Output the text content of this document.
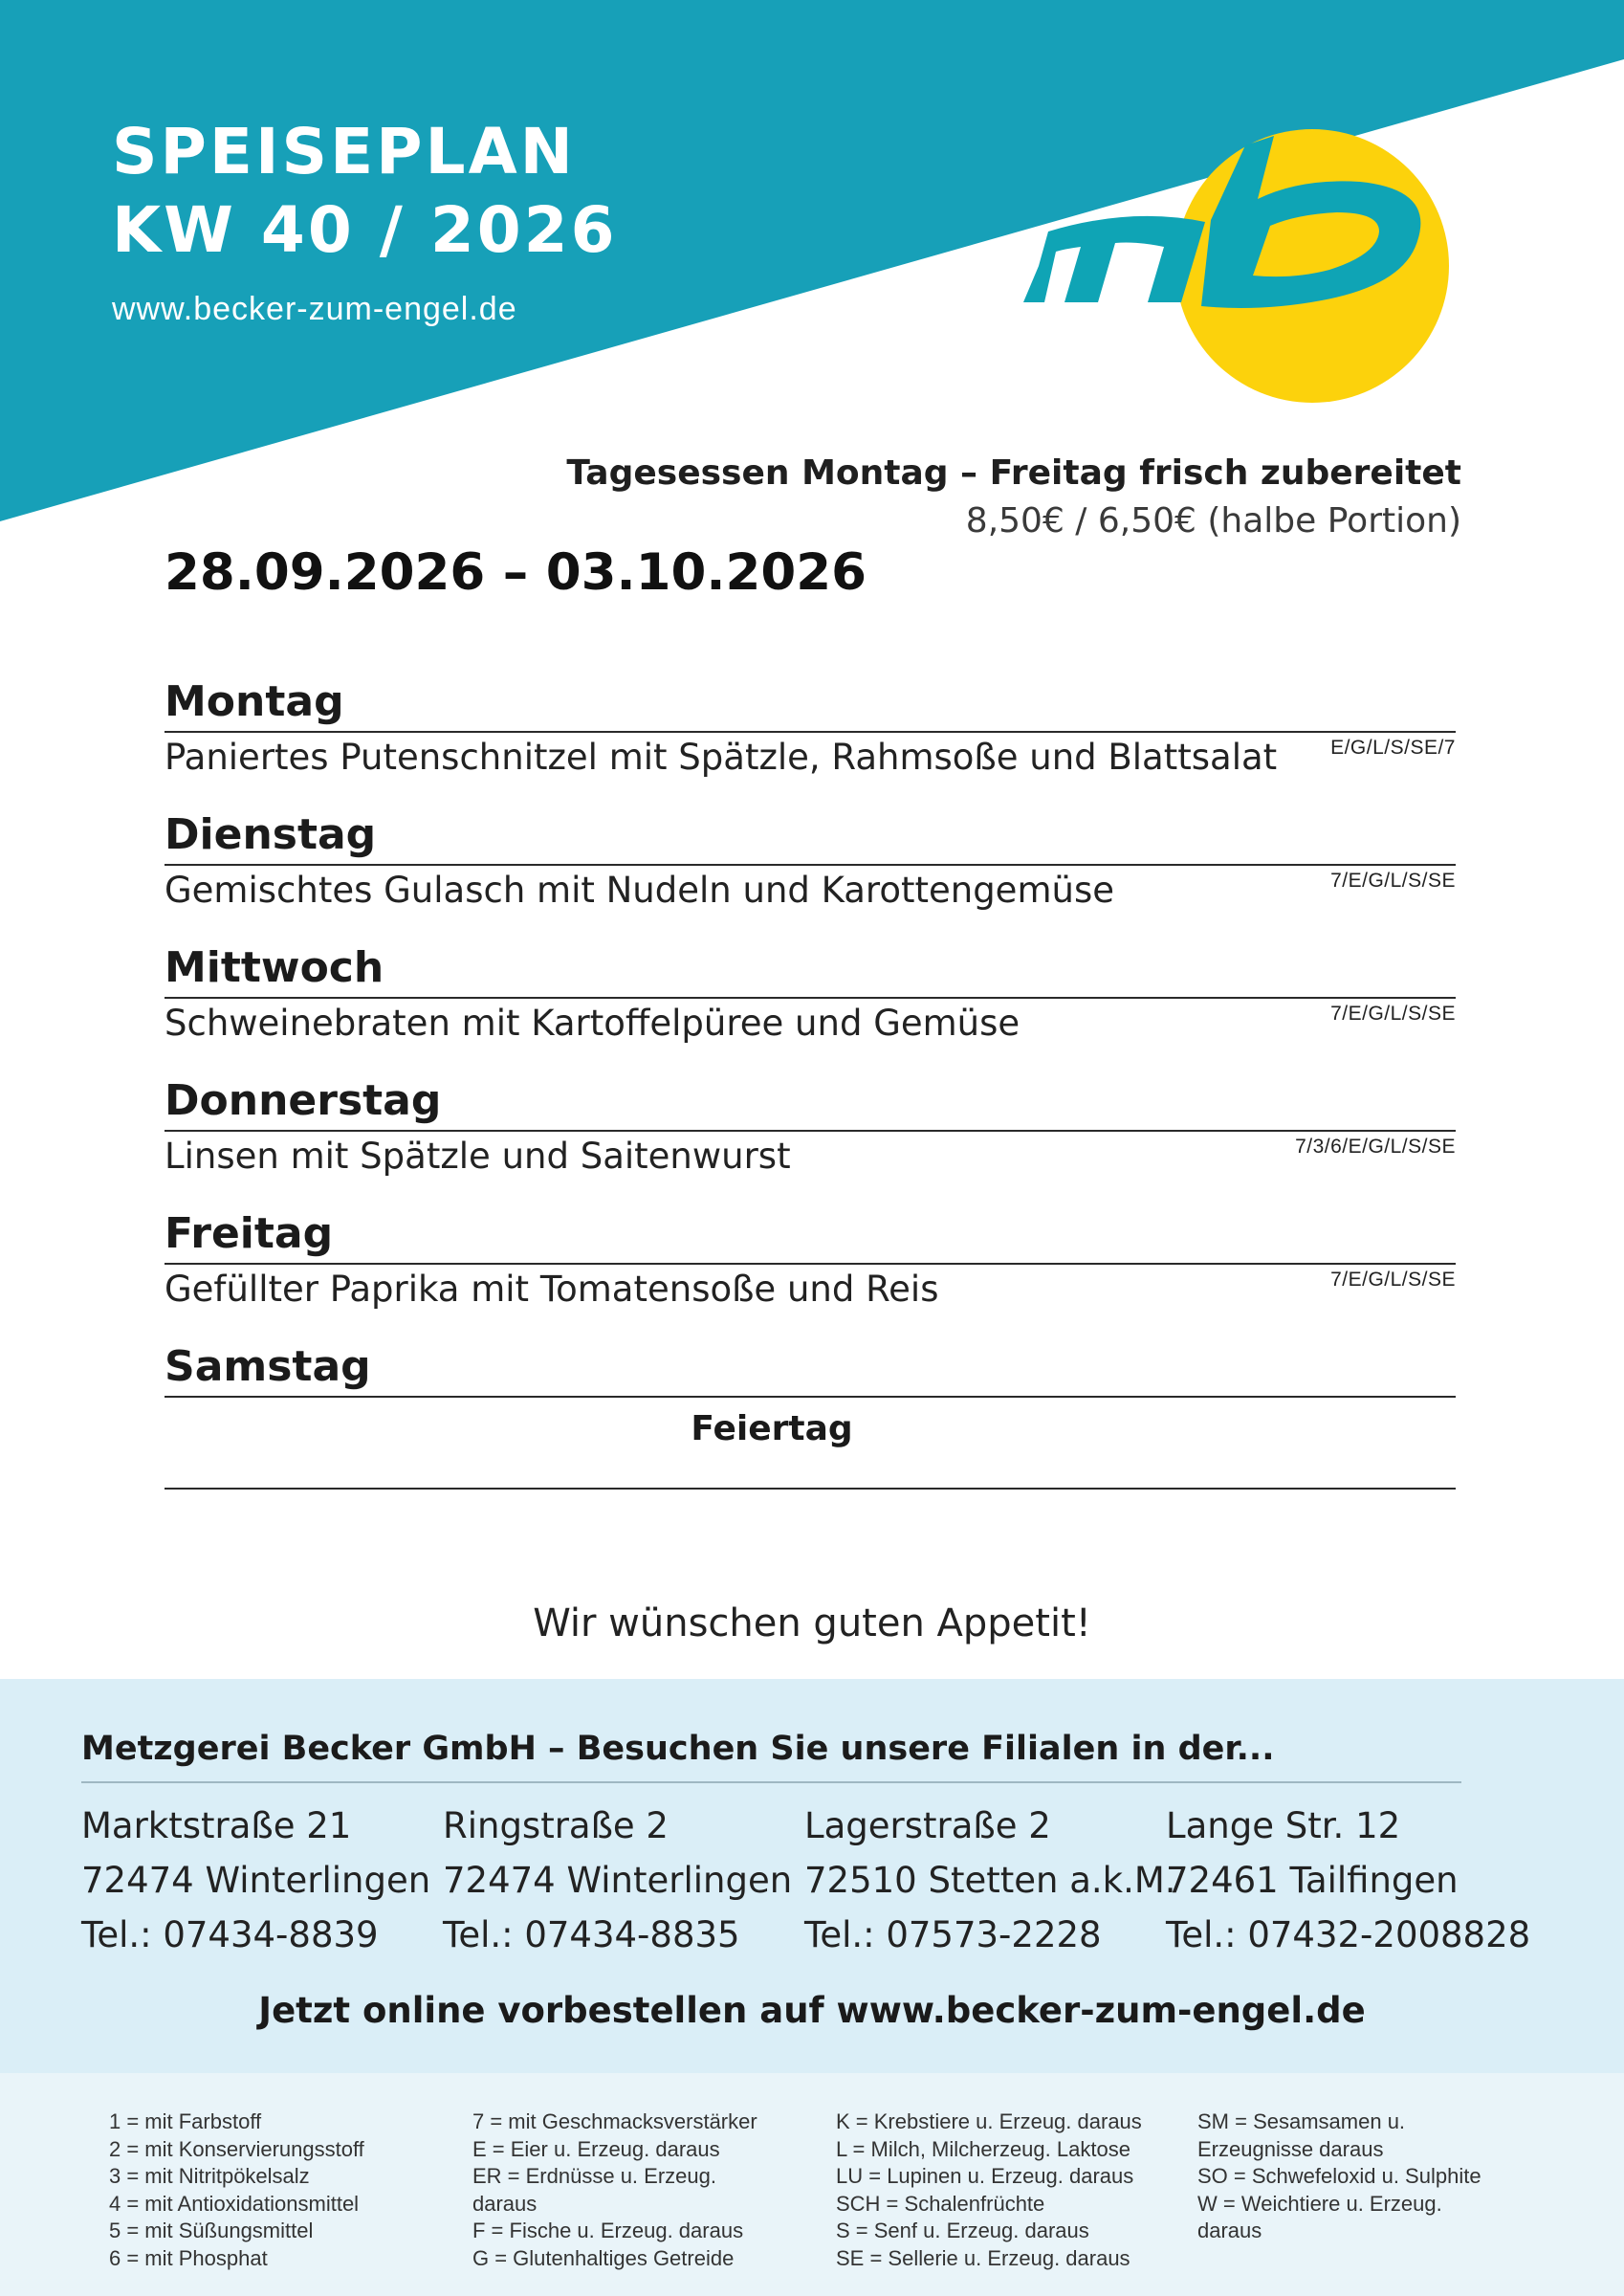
SPEISEPLAN
KW 40 / 2026
www.becker-zum-engel.de
Tagesessen Montag – Freitag frisch zubereitet
8,50€ / 6,50€ (halbe Portion)
28.09.2026 – 03.10.2026
Montag
Paniertes Putenschnitzel mit Spätzle, Rahmsoße und Blattsalat	E/G/L/S/SE/7
Dienstag
Gemischtes Gulasch mit Nudeln und Karottengemüse	7/E/G/L/S/SE
Mittwoch
Schweinebraten mit Kartoffelpüree und Gemüse	7/E/G/L/S/SE
Donnerstag
Linsen mit Spätzle und Saitenwurst	7/3/6/E/G/L/S/SE
Freitag
Gefüllter Paprika mit Tomatensoße und Reis	7/E/G/L/S/SE
Samstag
Feiertag
Wir wünschen guten Appetit!
Metzgerei Becker GmbH – Besuchen Sie unsere Filialen in der...
Marktstraße 21
72474 Winterlingen
Tel.: 07434-8839
Ringstraße 2
72474 Winterlingen
Tel.: 07434-8835
Lagerstraße 2
72510 Stetten a.k.M.
Tel.: 07573-2228
Lange Str. 12
72461 Tailfingen
Tel.: 07432-2008828
Jetzt online vorbestellen auf www.becker-zum-engel.de
1 = mit Farbstoff
2 = mit Konservierungsstoff
3 = mit Nitritpökelsalz
4 = mit Antioxidationsmittel
5 = mit Süßungsmittel
6 = mit Phosphat
7 = mit Geschmacksverstärker
E = Eier u. Erzeug. daraus
ER = Erdnüsse u. Erzeug.
daraus
F = Fische u. Erzeug. daraus
G = Glutenhaltiges Getreide
K = Krebstiere u. Erzeug. daraus
L = Milch, Milcherzeug. Laktose
LU = Lupinen u. Erzeug. daraus
SCH = Schalenfrüchte
S = Senf u. Erzeug. daraus
SE = Sellerie u. Erzeug. daraus
SM = Sesamsamen u.
Erzeugnisse daraus
SO = Schwefeloxid u. Sulphite
W = Weichtiere u. Erzeug.
daraus
